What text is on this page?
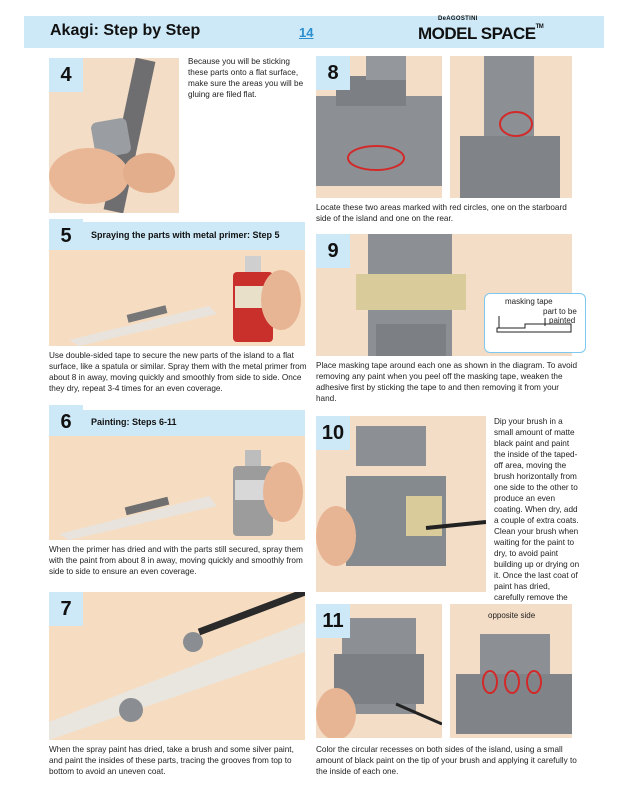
Akagi: Step by Step	14
DeAGOSTINI
MODEL SPACE™
4
Because you will be sticking these parts onto a flat surface, make sure the areas you will be gluing are filed flat.
5	Spraying the parts with metal primer: Step 5
Use double-sided tape to secure the new parts of the island to a flat surface, like a spatula or similar. Spray them with the metal primer from about 8 in away, moving quickly and smoothly from side to side. Once they dry, repeat 3-4 times for an even coverage.
6	Painting: Steps 6-11
When the primer has dried and with the parts still secured, spray them with the paint from about 8 in away, moving quickly and smoothly from side to side to ensure an even coverage.
7
When the spray paint has dried, take a brush and some silver paint, and paint the insides of these parts, tracing the grooves from top to bottom to avoid an uneven coat.
8
Locate these two areas marked with red circles, one on the starboard side of the island and one on the rear.
9
masking tape
part to be
painted
Place masking tape around each one as shown in the diagram. To avoid removing any paint when you peel off the masking tape, weaken the adhesive first by sticking the tape to and then removing it from your hand.
10
Dip your brush in a small amount of matte black paint and paint the inside of the taped-off area, moving the brush horizontally from one side to the other to produce an even coating. When dry, add a couple of extra coats. Clean your brush when waiting for the paint to dry, to avoid paint building up or drying on it. Once the last coat of paint has dried, carefully remove the
11	opposite side
Color the circular recesses on both sides of the island, using a small amount of black paint on the tip of your brush and applying it carefully to the inside of each one.
